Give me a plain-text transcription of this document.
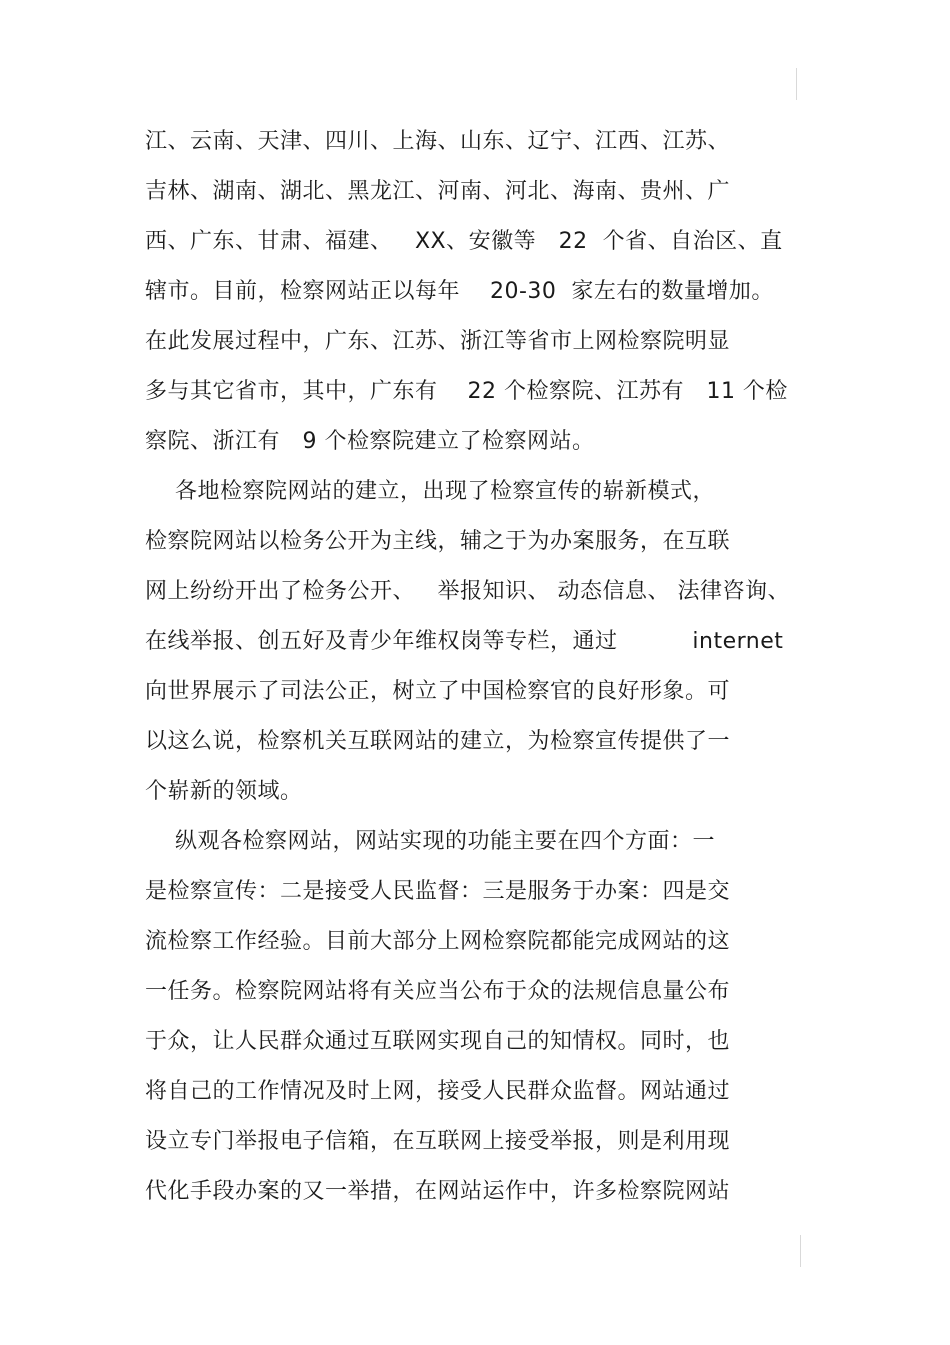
江、云南、天津、四川、上海、山东、辽宁、江西、江苏、
吉林、湖南、湖北、黑龙江、河南、河北、海南、贵州、广
西、广东、甘肃、福建、   XX、安徽等   22  个省、自治区、直
辖市。目前，检察网站正以每年    20-30  家左右的数量增加。
在此发展过程中，广东、江苏、浙江等省市上网检察院明显
多与其它省市，其中，广东有    22 个检察院、江苏有   11 个检
察院、浙江有   9 个检察院建立了检察网站。
各地检察院网站的建立，出现了检察宣传的崭新模式，
检察院网站以检务公开为主线，辅之于为办案服务，在互联
网上纷纷开出了检务公开、   举报知识、 动态信息、 法律咨询、
在线举报、创五好及青少年维权岗等专栏，通过          internet
向世界展示了司法公正，树立了中国检察官的良好形象。可
以这么说，检察机关互联网站的建立，为检察宣传提供了一
个崭新的领域。
纵观各检察网站，网站实现的功能主要在四个方面：一
是检察宣传：二是接受人民监督：三是服务于办案：四是交
流检察工作经验。目前大部分上网检察院都能完成网站的这
一任务。检察院网站将有关应当公布于众的法规信息量公布
于众，让人民群众通过互联网实现自己的知情权。同时，也
将自己的工作情况及时上网，接受人民群众监督。网站通过
设立专门举报电子信箱，在互联网上接受举报，则是利用现
代化手段办案的又一举措，在网站运作中，许多检察院网站
